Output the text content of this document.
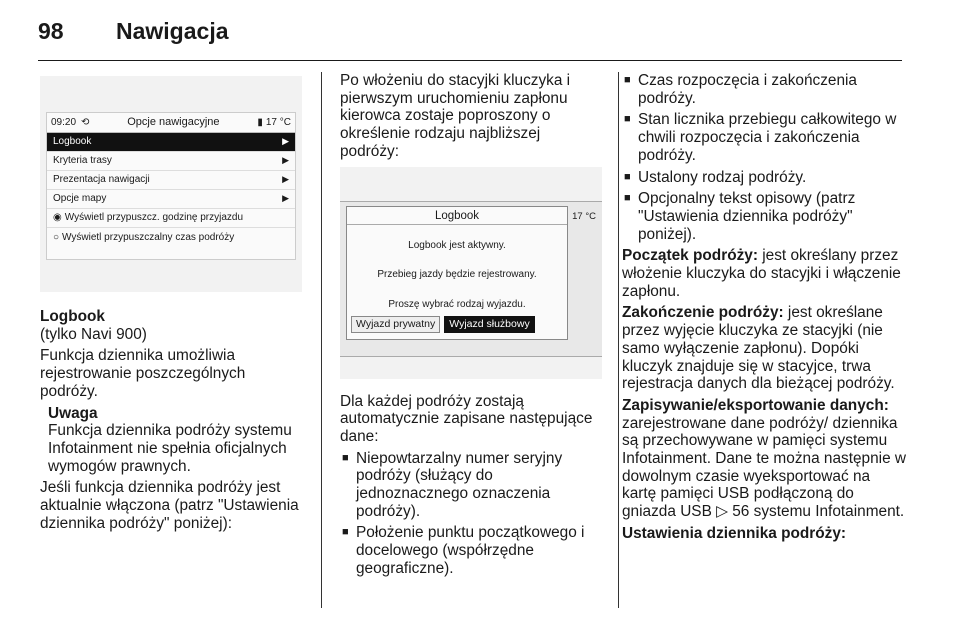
98	Nawigacja
09:20 ⟲	Opcje nawigacyjne	▮ 17 °C
Logbook	▶
Kryteria trasy	▶
Prezentacja nawigacji	▶
Opcje mapy	▶
◉ Wyświetl przypuszcz. godzinę przyjazdu
○ Wyświetl przypuszczalny czas podróży

Logbook

(tylko Navi 900)

Funkcja dziennika umożliwia rejestrowanie poszczególnych podróży.

Uwaga

Funkcja dziennika podróży systemu Infotainment nie spełnia oficjalnych wymogów prawnych.

Jeśli funkcja dziennika podróży jest aktualnie włączona (patrz "Ustawienia dziennika podróży" poniżej):

Po włożeniu do stacyjki kluczyka i pierwszym uruchomieniu zapłonu kierowca zostaje poproszony o określenie rodzaju najbliższej podróży:

Logbook
Logbook jest aktywny.
Przebieg jazdy będzie rejestrowany.
Proszę wybrać rodzaj wyjazdu.
Wyjazd prywatny	Wyjazd służbowy
17 °C

Dla każdej podróży zostają automatycznie zapisane następujące dane:

■ Niepowtarzalny numer seryjny podróży (służący do jednoznacznego oznaczenia podróży).
■ Położenie punktu początkowego i docelowego (współrzędne geograficzne).
■ Czas rozpoczęcia i zakończenia podróży.
■ Stan licznika przebiegu całkowitego w chwili rozpoczęcia i zakończenia podróży.
■ Ustalony rodzaj podróży.
■ Opcjonalny tekst opisowy (patrz "Ustawienia dziennika podróży" poniżej).

Początek podróży: jest określany przez włożenie kluczyka do stacyjki i włączenie zapłonu.

Zakończenie podróży: jest określane przez wyjęcie kluczyka ze stacyjki (nie samo wyłączenie zapłonu). Dopóki kluczyk znajduje się w stacyjce, trwa rejestracja danych dla bieżącej podróży.

Zapisywanie/eksportowanie danych: zarejestrowane dane podróży/ dziennika są przechowywane w pamięci systemu Infotainment. Dane te można następnie w dowolnym czasie wyeksportować na kartę pamięci USB podłączoną do gniazda USB ▷ 56 systemu Infotainment.

Ustawienia dziennika podróży:
